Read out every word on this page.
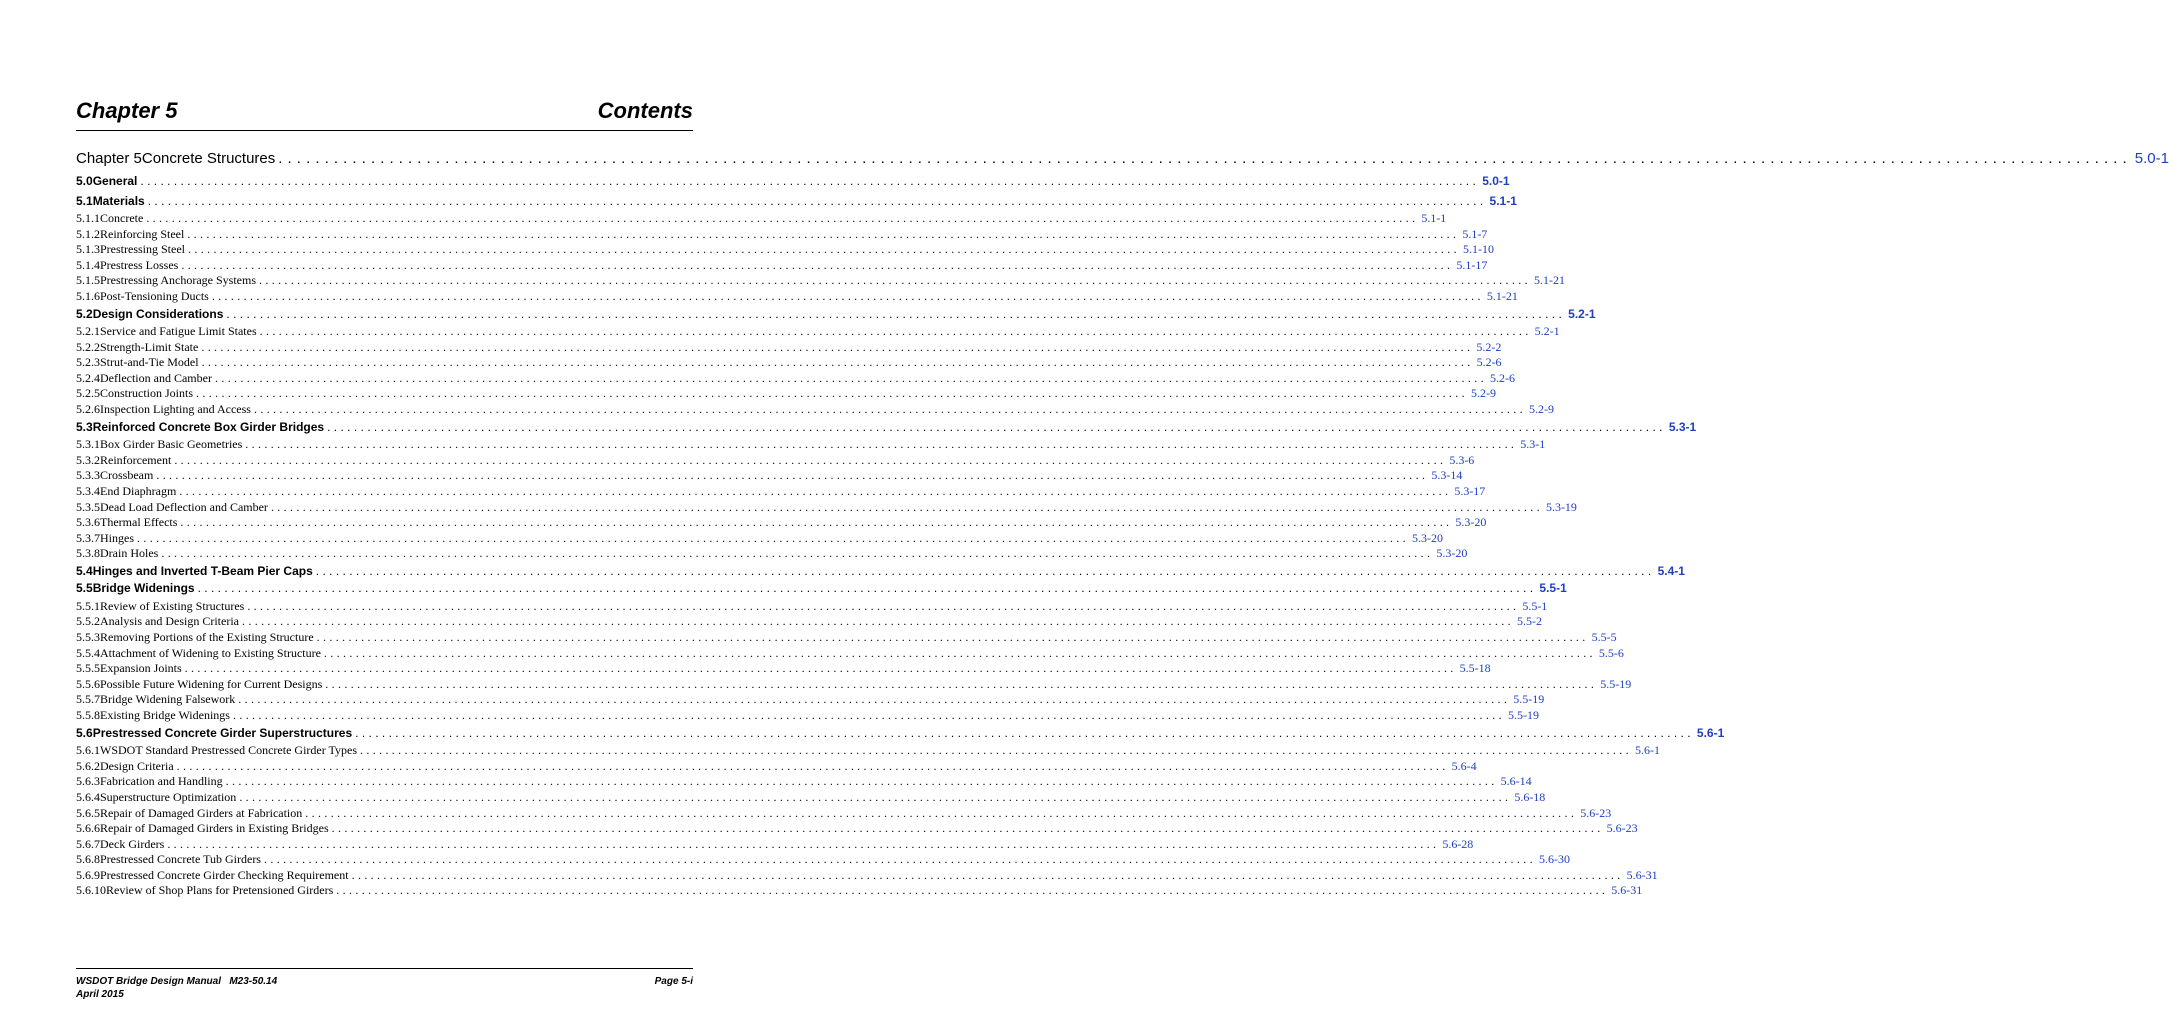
Chapter 5	Contents
Chapter 5 Concrete Structures ........................................................................................................................................................................................................ 5.0-1
5.0 General ........................................................................................................................................................................................................ 5.0-1
5.1 Materials ........................................................................................................................................................................................................ 5.1-1
5.1.1 Concrete ........................................................................................................................................................................................................ 5.1-1
5.1.2 Reinforcing Steel ........................................................................................................................................................................................................ 5.1-7
5.1.3 Prestressing Steel ........................................................................................................................................................................................................ 5.1-10
5.1.4 Prestress Losses ........................................................................................................................................................................................................ 5.1-17
5.1.5 Prestressing Anchorage Systems ........................................................................................................................................................................................................ 5.1-21
5.1.6 Post-Tensioning Ducts ........................................................................................................................................................................................................ 5.1-21
5.2 Design Considerations ........................................................................................................................................................................................................ 5.2-1
5.2.1 Service and Fatigue Limit States ........................................................................................................................................................................................................ 5.2-1
5.2.2 Strength-Limit State ........................................................................................................................................................................................................ 5.2-2
5.2.3 Strut-and-Tie Model ........................................................................................................................................................................................................ 5.2-6
5.2.4 Deflection and Camber ........................................................................................................................................................................................................ 5.2-6
5.2.5 Construction Joints ........................................................................................................................................................................................................ 5.2-9
5.2.6 Inspection Lighting and Access ........................................................................................................................................................................................................ 5.2-9
5.3 Reinforced Concrete Box Girder Bridges ........................................................................................................................................................................................................ 5.3-1
5.3.1 Box Girder Basic Geometries ........................................................................................................................................................................................................ 5.3-1
5.3.2 Reinforcement ........................................................................................................................................................................................................ 5.3-6
5.3.3 Crossbeam ........................................................................................................................................................................................................ 5.3-14
5.3.4 End Diaphragm ........................................................................................................................................................................................................ 5.3-17
5.3.5 Dead Load Deflection and Camber ........................................................................................................................................................................................................ 5.3-19
5.3.6 Thermal Effects ........................................................................................................................................................................................................ 5.3-20
5.3.7 Hinges ........................................................................................................................................................................................................ 5.3-20
5.3.8 Drain Holes ........................................................................................................................................................................................................ 5.3-20
5.4 Hinges and Inverted T-Beam Pier Caps ........................................................................................................................................................................................................ 5.4-1
5.5 Bridge Widenings ........................................................................................................................................................................................................ 5.5-1
5.5.1 Review of Existing Structures ........................................................................................................................................................................................................ 5.5-1
5.5.2 Analysis and Design Criteria ........................................................................................................................................................................................................ 5.5-2
5.5.3 Removing Portions of the Existing Structure ........................................................................................................................................................................................................ 5.5-5
5.5.4 Attachment of Widening to Existing Structure ........................................................................................................................................................................................................ 5.5-6
5.5.5 Expansion Joints ........................................................................................................................................................................................................ 5.5-18
5.5.6 Possible Future Widening for Current Designs ........................................................................................................................................................................................................ 5.5-19
5.5.7 Bridge Widening Falsework ........................................................................................................................................................................................................ 5.5-19
5.5.8 Existing Bridge Widenings ........................................................................................................................................................................................................ 5.5-19
5.6 Prestressed Concrete Girder Superstructures ........................................................................................................................................................................................................ 5.6-1
5.6.1 WSDOT Standard Prestressed Concrete Girder Types ........................................................................................................................................................................................................ 5.6-1
5.6.2 Design Criteria ........................................................................................................................................................................................................ 5.6-4
5.6.3 Fabrication and Handling ........................................................................................................................................................................................................ 5.6-14
5.6.4 Superstructure Optimization ........................................................................................................................................................................................................ 5.6-18
5.6.5 Repair of Damaged Girders at Fabrication ........................................................................................................................................................................................................ 5.6-23
5.6.6 Repair of Damaged Girders in Existing Bridges ........................................................................................................................................................................................................ 5.6-23
5.6.7 Deck Girders ........................................................................................................................................................................................................ 5.6-28
5.6.8 Prestressed Concrete Tub Girders ........................................................................................................................................................................................................ 5.6-30
5.6.9 Prestressed Concrete Girder Checking Requirement ........................................................................................................................................................................................................ 5.6-31
5.6.10 Review of Shop Plans for Pretensioned Girders ........................................................................................................................................................................................................ 5.6-31
WSDOT Bridge Design Manual   M23-50.14
April 2015
Page 5-i
